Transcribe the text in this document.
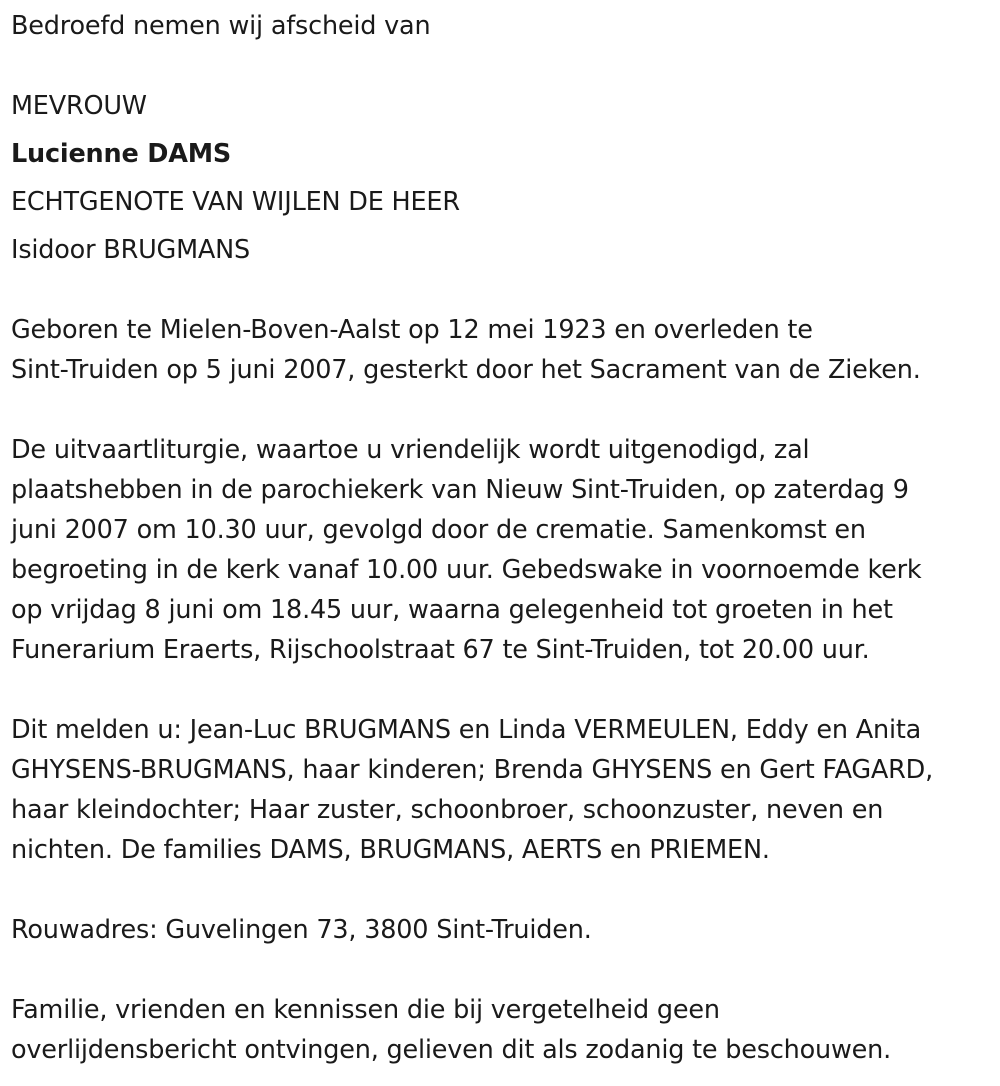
Bedroefd nemen wij afscheid van
MEVROUW
Lucienne DAMS
ECHTGENOTE VAN WIJLEN DE HEER
Isidoor BRUGMANS
Geboren te Mielen-Boven-Aalst op 12 mei 1923 en overleden te
Sint-Truiden op 5 juni 2007, gesterkt door het Sacrament van de Zieken.
De uitvaartliturgie, waartoe u vriendelijk wordt uitgenodigd, zal
plaatshebben in de parochiekerk van Nieuw Sint-Truiden, op zaterdag 9
juni 2007 om 10.30 uur, gevolgd door de crematie. Samenkomst en
begroeting in de kerk vanaf 10.00 uur. Gebedswake in voornoemde kerk
op vrijdag 8 juni om 18.45 uur, waarna gelegenheid tot groeten in het
Funerarium Eraerts, Rijschoolstraat 67 te Sint-Truiden, tot 20.00 uur.
Dit melden u: Jean-Luc BRUGMANS en Linda VERMEULEN, Eddy en Anita
GHYSENS-BRUGMANS, haar kinderen; Brenda GHYSENS en Gert FAGARD,
haar kleindochter; Haar zuster, schoonbroer, schoonzuster, neven en
nichten. De families DAMS, BRUGMANS, AERTS en PRIEMEN.
Rouwadres: Guvelingen 73, 3800 Sint-Truiden.
Familie, vrienden en kennissen die bij vergetelheid geen
overlijdensbericht ontvingen, gelieven dit als zodanig te beschouwen.
